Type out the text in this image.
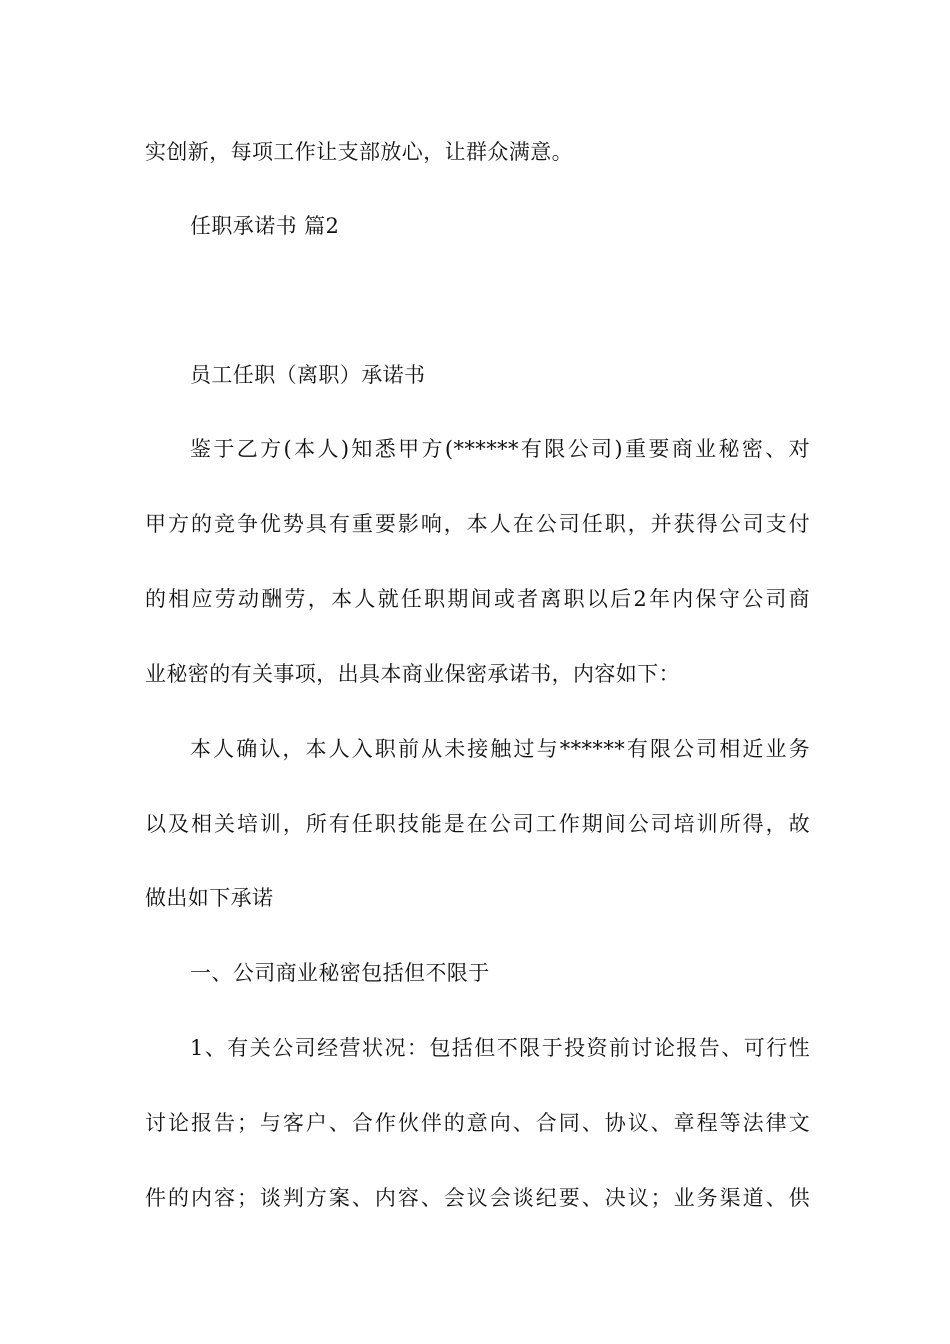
实创新，每项工作让支部放心，让群众满意。
任职承诺书 篇2
员工任职（离职）承诺书
鉴于乙方(本人)知悉甲方(******有限公司)重要商业秘密、对
甲方的竞争优势具有重要影响，本人在公司任职，并获得公司支付
的相应劳动酬劳，本人就任职期间或者离职以后2年内保守公司商
业秘密的有关事项，出具本商业保密承诺书，内容如下：
本人确认，本人入职前从未接触过与******有限公司相近业务
以及相关培训，所有任职技能是在公司工作期间公司培训所得，故
做出如下承诺
一、公司商业秘密包括但不限于
1、有关公司经营状况：包括但不限于投资前讨论报告、可行性
讨论报告；与客户、合作伙伴的意向、合同、协议、章程等法律文
件的内容；谈判方案、内容、会议会谈纪要、决议；业务渠道、供
